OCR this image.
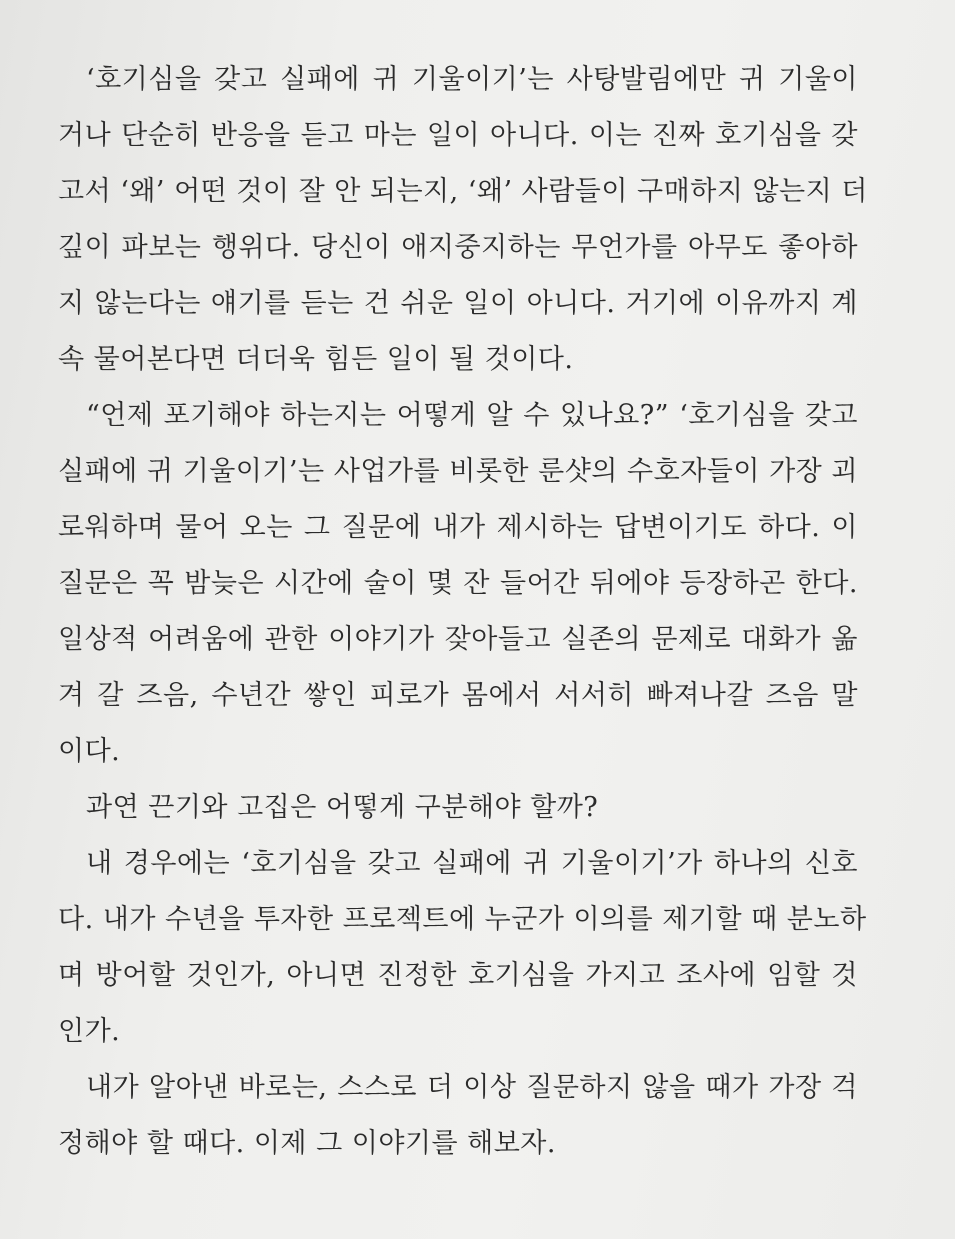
‘호기심을 갖고 실패에 귀 기울이기’는 사탕발림에만 귀 기울이
거나 단순히 반응을 듣고 마는 일이 아니다. 이는 진짜 호기심을 갖
고서 ‘왜’ 어떤 것이 잘 안 되는지, ‘왜’ 사람들이 구매하지 않는지 더
깊이 파보는 행위다. 당신이 애지중지하는 무언가를 아무도 좋아하
지 않는다는 얘기를 듣는 건 쉬운 일이 아니다. 거기에 이유까지 계
속 물어본다면 더더욱 힘든 일이 될 것이다.
“언제 포기해야 하는지는 어떻게 알 수 있나요?” ‘호기심을 갖고
실패에 귀 기울이기’는 사업가를 비롯한 룬샷의 수호자들이 가장 괴
로워하며 물어 오는 그 질문에 내가 제시하는 답변이기도 하다. 이
질문은 꼭 밤늦은 시간에 술이 몇 잔 들어간 뒤에야 등장하곤 한다.
일상적 어려움에 관한 이야기가 잦아들고 실존의 문제로 대화가 옮
겨 갈 즈음, 수년간 쌓인 피로가 몸에서 서서히 빠져나갈 즈음 말
이다.
과연 끈기와 고집은 어떻게 구분해야 할까?
내 경우에는 ‘호기심을 갖고 실패에 귀 기울이기’가 하나의 신호
다. 내가 수년을 투자한 프로젝트에 누군가 이의를 제기할 때 분노하
며 방어할 것인가, 아니면 진정한 호기심을 가지고 조사에 임할 것
인가.
내가 알아낸 바로는, 스스로 더 이상 질문하지 않을 때가 가장 걱
정해야 할 때다. 이제 그 이야기를 해보자.
